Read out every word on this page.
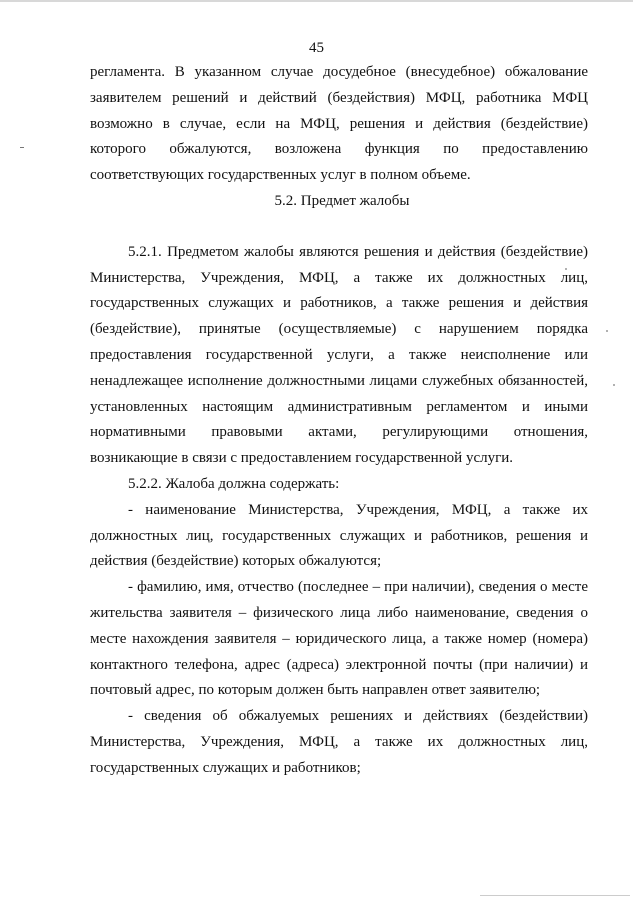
45

регламента. В указанном случае досудебное (внесудебное) обжалование заявителем решений и действий (бездействия) МФЦ, работника МФЦ возможно в случае, если на МФЦ, решения и действия (бездействие) которого обжалуются, возложена функция по предоставлению соответствующих государственных услуг в полном объеме.

5.2. Предмет жалобы

5.2.1. Предметом жалобы являются решения и действия (бездействие) Министерства, Учреждения, МФЦ, а также их должностных лиц, государственных служащих и работников, а также решения и действия (бездействие), принятые (осуществляемые) с нарушением порядка предоставления государственной услуги, а также неисполнение или ненадлежащее исполнение должностными лицами служебных обязанностей, установленных настоящим административным регламентом и иными нормативными правовыми актами, регулирующими отношения, возникающие в связи с предоставлением государственной услуги.

5.2.2. Жалоба должна содержать:

- наименование Министерства, Учреждения, МФЦ, а также их должностных лиц, государственных служащих и работников, решения и действия (бездействие) которых обжалуются;

- фамилию, имя, отчество (последнее – при наличии), сведения о месте жительства заявителя – физического лица либо наименование, сведения о месте нахождения заявителя – юридического лица, а также номер (номера) контактного телефона, адрес (адреса) электронной почты (при наличии) и почтовый адрес, по которым должен быть направлен ответ заявителю;

- сведения об обжалуемых решениях и действиях (бездействии) Министерства, Учреждения, МФЦ, а также их должностных лиц, государственных служащих и работников;
